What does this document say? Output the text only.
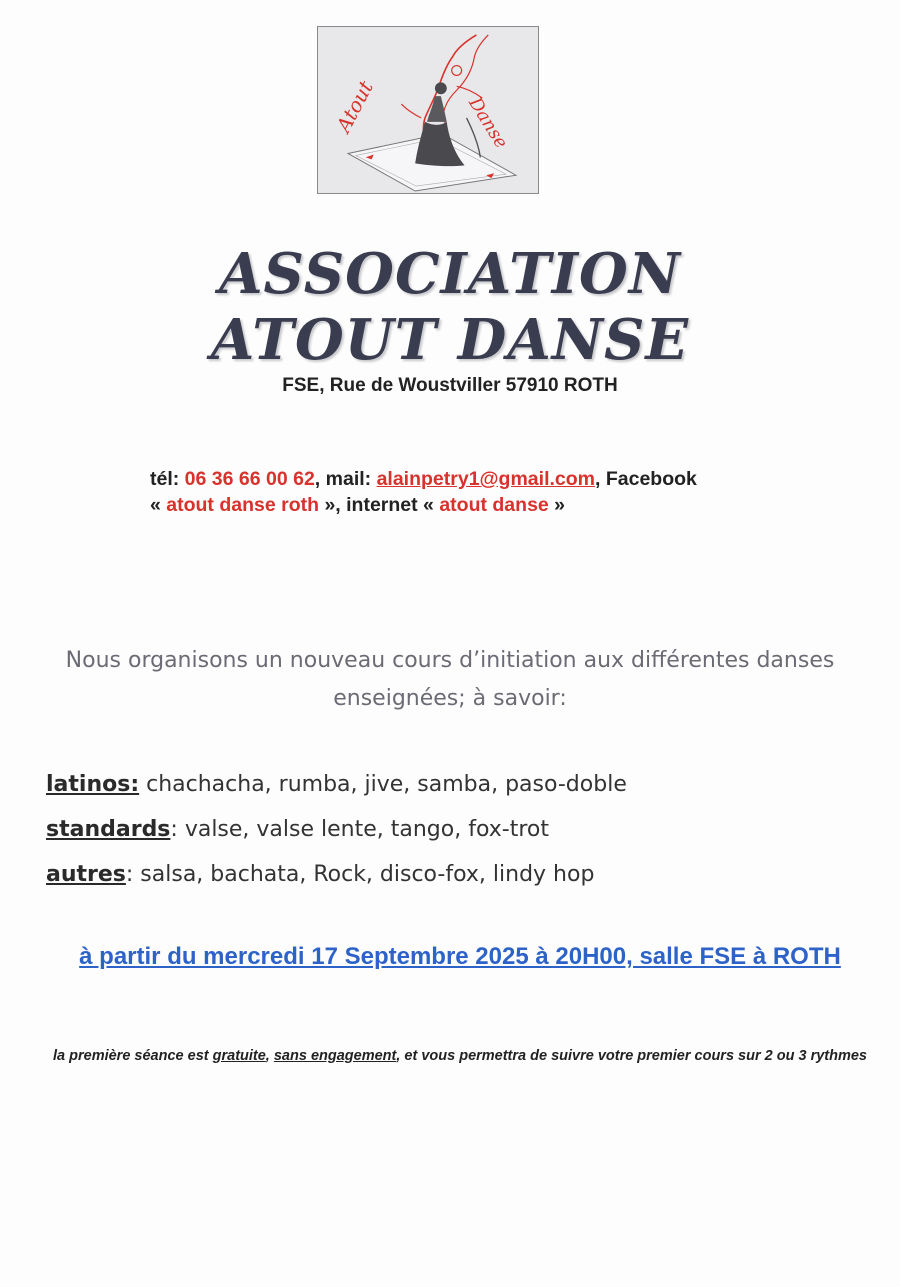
Atout	Danse
ASSOCIATION
ATOUT DANSE
FSE, Rue de Woustviller 57910 ROTH
tél: 06 36 66 00 62, mail: alainpetry1@gmail.com, Facebook
« atout danse roth », internet « atout danse »
Nous organisons un nouveau cours d’initiation aux différentes danses enseignées; à savoir:
latinos: chachacha, rumba, jive, samba, paso-doble
standards: valse, valse lente, tango, fox-trot
autres: salsa, bachata, Rock, disco-fox, lindy hop
à partir du mercredi 17 Septembre 2025 à 20H00, salle FSE à ROTH
la première séance est gratuite, sans engagement, et vous permettra de suivre votre premier cours sur 2 ou 3 rythmes
